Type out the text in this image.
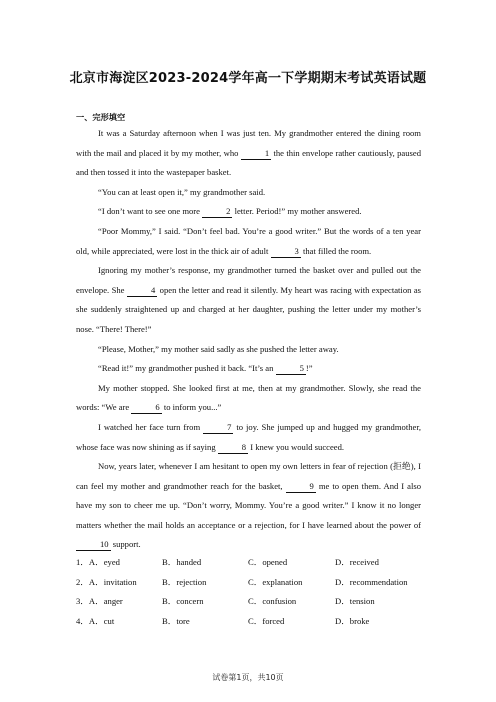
北京市海淀区2023-2024学年高一下学期期末考试英语试题
一、完形填空

It was a Saturday afternoon when I was just ten. My grandmother entered the dining room with the mail and placed it by my mother, who	1 the thin envelope rather cautiously, paused and then tossed it into the wastepaper basket.

“You can at least open it,” my grandmother said.

“I don’t want to see one more	2 letter. Period!” my mother answered.

“Poor Mommy,” I said. “Don’t feel bad. You’re a good writer.” But the words of a ten year old, while appreciated, were lost in the thick air of adult	3 that filled the room.

Ignoring my mother’s response, my grandmother turned the basket over and pulled out the envelope. She	4 open the letter and read it silently. My heart was racing with expectation as she suddenly straightened up and charged at her daughter, pushing the letter under my mother’s nose. “There! There!”

“Please, Mother,” my mother said sadly as she pushed the letter away.

“Read it!” my grandmother pushed it back. “It’s an	5 !”

My mother stopped. She looked first at me, then at my grandmother. Slowly, she read the words: “We are	6 to inform you...”

I watched her face turn from	7 to joy. She jumped up and hugged my grandmother, whose face was now shining as if saying	8 I knew you would succeed.

Now, years later, whenever I am hesitant to open my own letters in fear of rejection (拒绝), I can feel my mother and grandmother reach for the basket,	9 me to open them. And I also have my son to cheer me up. “Don’t worry, Mommy. You’re a good writer.” I know it no longer matters whether the mail holds an acceptance or a rejection, for I have learned about the power of 10 support.

1．A．eyed	B．handed	C．opened	D．received
2．A．invitation	B．rejection	C．explanation	D．recommendation
3．A．anger	B．concern	C．confusion	D．tension
4．A．cut	B．tore	C．forced	D．broke
试卷第1页，共10页
